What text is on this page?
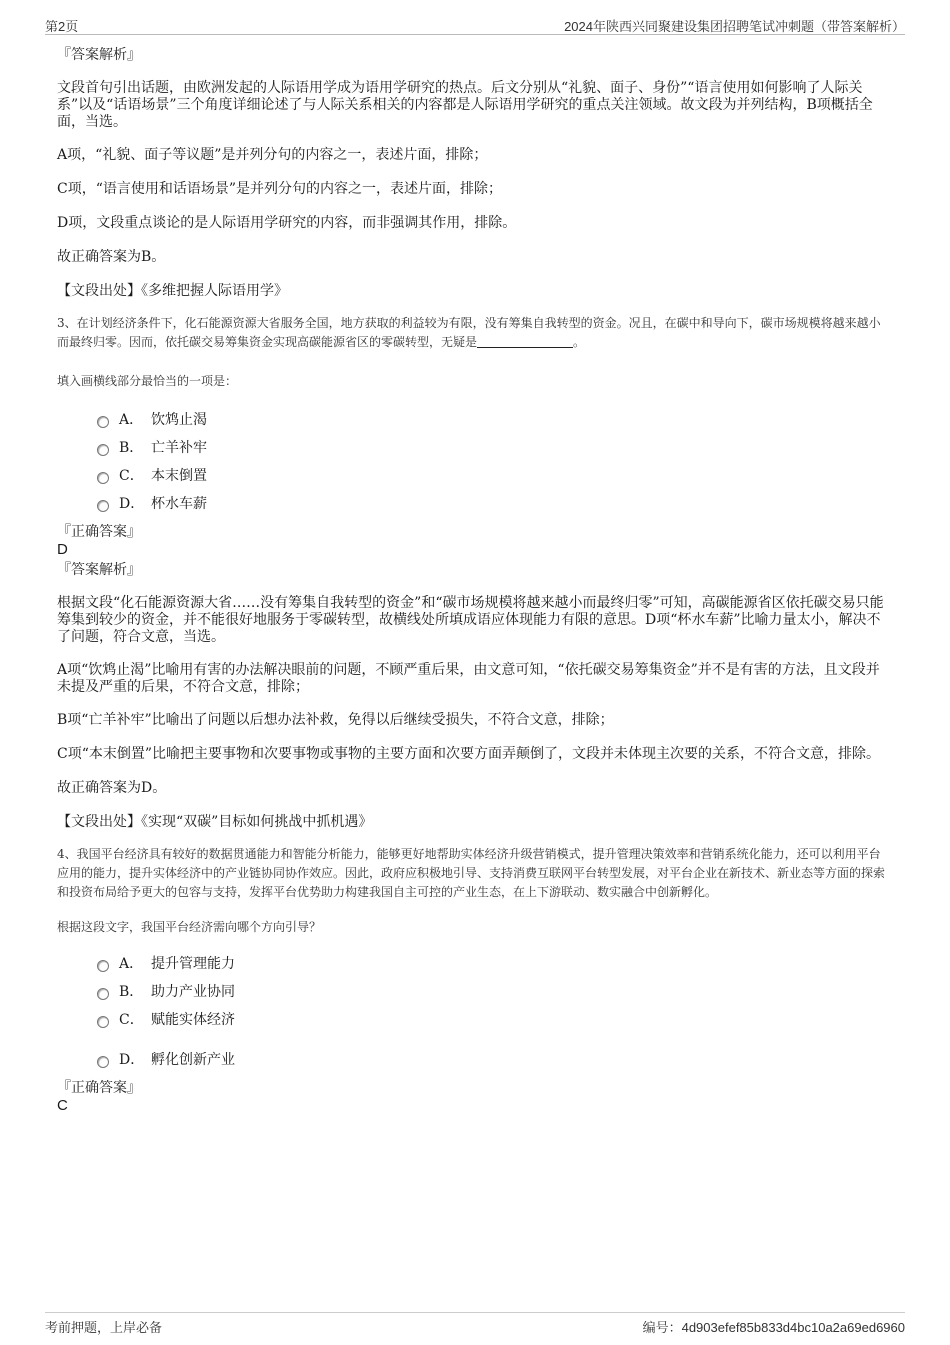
第2页	2024年陕西兴同聚建设集团招聘笔试冲刺题（带答案解析）

『答案解析』

文段首句引出话题，由欧洲发起的人际语用学成为语用学研究的热点。后文分别从“礼貌、面子、身份”“语言使用如何影响了人际关系”以及“话语场景”三个角度详细论述了与人际关系相关的内容都是人际语用学研究的重点关注领域。故文段为并列结构，B项概括全面，当选。

A项，“礼貌、面子等议题”是并列分句的内容之一，表述片面，排除；

C项，“语言使用和话语场景”是并列分句的内容之一，表述片面，排除；

D项，文段重点谈论的是人际语用学研究的内容，而非强调其作用，排除。

故正确答案为B。

【文段出处】《多维把握人际语用学》

3、在计划经济条件下，化石能源资源大省服务全国，地方获取的利益较为有限，没有筹集自我转型的资金。况且，在碳中和导向下，碳市场规模将越来越小而最终归零。因而，依托碳交易筹集资金实现高碳能源省区的零碳转型，无疑是	。

填入画横线部分最恰当的一项是：

A． 饮鸩止渴
B． 亡羊补牢
C． 本末倒置
D． 杯水车薪

『正确答案』

D

『答案解析』

根据文段“化石能源资源大省……没有筹集自我转型的资金”和“碳市场规模将越来越小而最终归零”可知，高碳能源省区依托碳交易只能筹集到较少的资金，并不能很好地服务于零碳转型，故横线处所填成语应体现能力有限的意思。D项“杯水车薪”比喻力量太小，解决不了问题，符合文意，当选。

A项“饮鸩止渴”比喻用有害的办法解决眼前的问题，不顾严重后果，由文意可知，“依托碳交易筹集资金”并不是有害的方法，且文段并未提及严重的后果，不符合文意，排除；

B项“亡羊补牢”比喻出了问题以后想办法补救，免得以后继续受损失，不符合文意，排除；

C项“本末倒置”比喻把主要事物和次要事物或事物的主要方面和次要方面弄颠倒了，文段并未体现主次要的关系，不符合文意，排除。

故正确答案为D。

【文段出处】《实现“双碳”目标如何挑战中抓机遇》

4、我国平台经济具有较好的数据贯通能力和智能分析能力，能够更好地帮助实体经济升级营销模式，提升管理决策效率和营销系统化能力，还可以利用平台应用的能力，提升实体经济中的产业链协同协作效应。因此，政府应积极地引导、支持消费互联网平台转型发展，对平台企业在新技术、新业态等方面的探索和投资布局给予更大的包容与支持，发挥平台优势助力构建我国自主可控的产业生态，在上下游联动、数实融合中创新孵化。

根据这段文字，我国平台经济需向哪个方向引导？

A． 提升管理能力
B． 助力产业协同
C． 赋能实体经济
D． 孵化创新产业

『正确答案』

C

考前押题，上岸必备	编号：4d903efef85b833d4bc10a2a69ed6960
